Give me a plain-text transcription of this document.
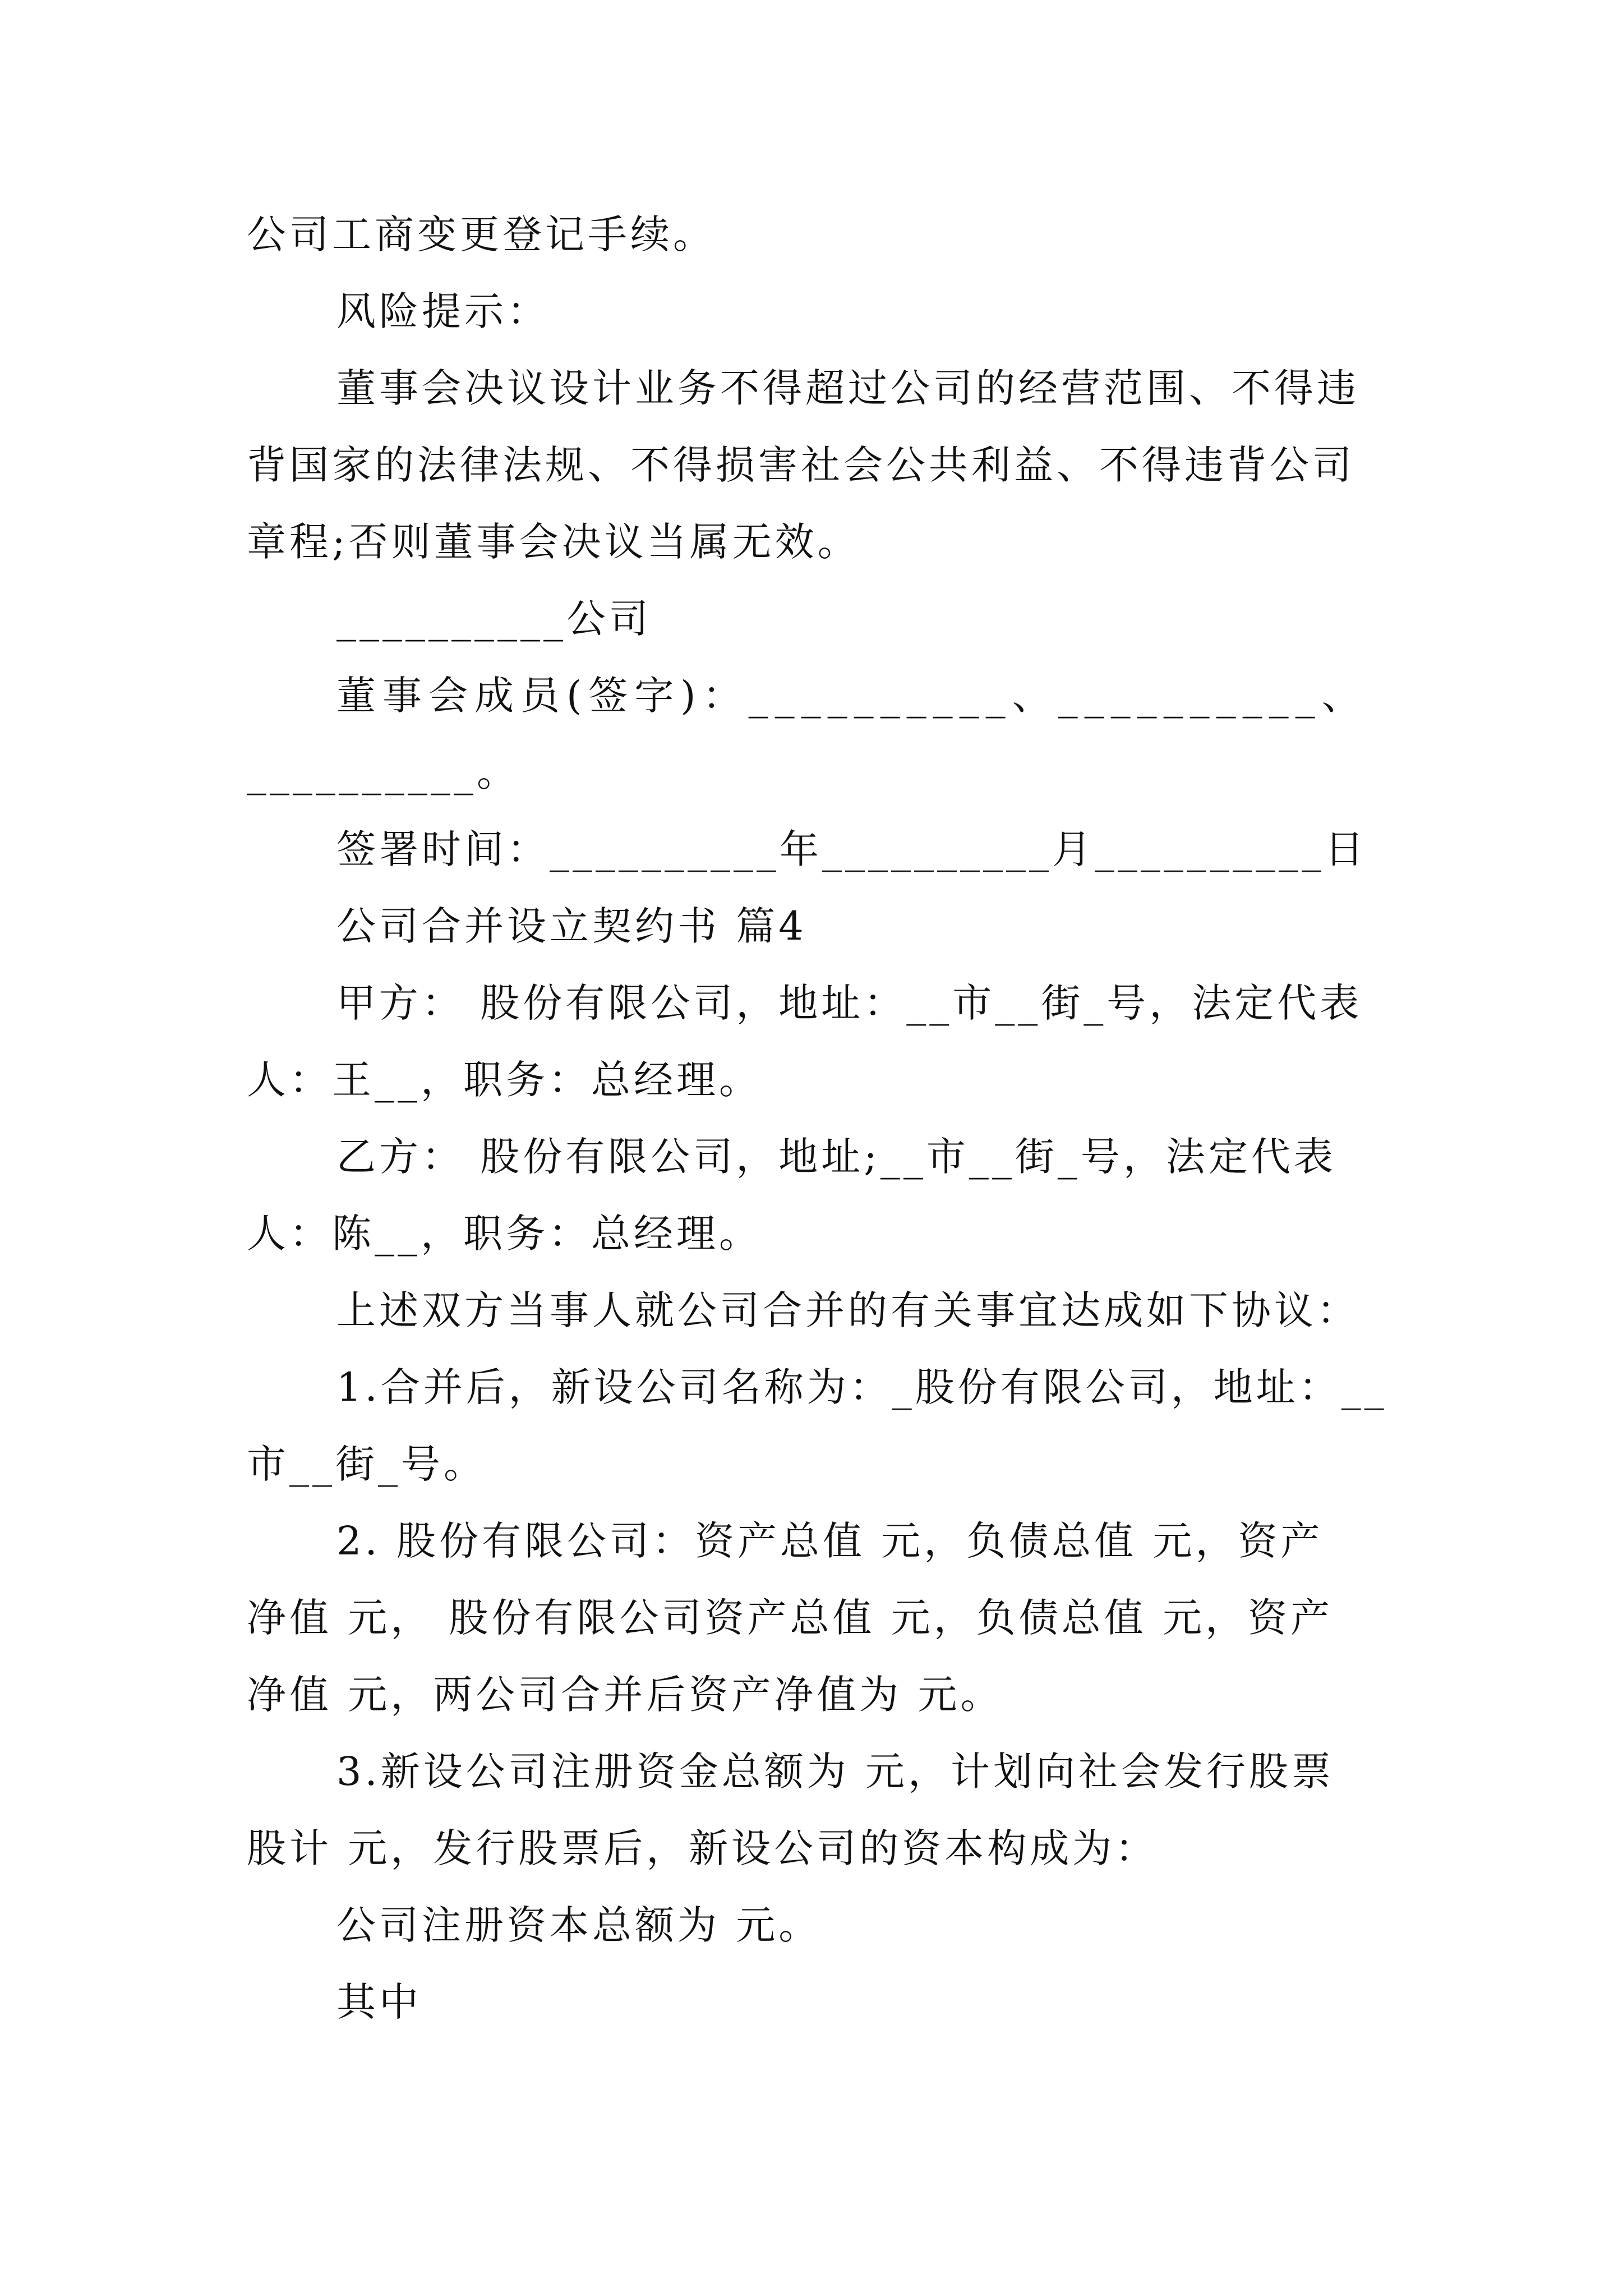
公司工商变更登记手续。
风险提示：
董事会决议设计业务不得超过公司的经营范围、不得违
背国家的法律法规、不得损害社会公共利益、不得违背公司
章程;否则董事会决议当属无效。
__________公司
董事会成员(签字)：__________、__________、
__________。
签署时间：__________年__________月__________日
公司合并设立契约书 篇4
甲方： 股份有限公司，地址：__市__街_号，法定代表
人：王__，职务：总经理。
乙方： 股份有限公司，地址;__市__街_号，法定代表
人：陈__，职务：总经理。
上述双方当事人就公司合并的有关事宜达成如下协议：
1.合并后，新设公司名称为：_股份有限公司，地址：__
市__街_号。
2. 股份有限公司：资产总值 元，负债总值 元，资产
净值 元， 股份有限公司资产总值 元，负债总值 元，资产
净值 元，两公司合并后资产净值为 元。
3.新设公司注册资金总额为 元，计划向社会发行股票
股计 元，发行股票后，新设公司的资本构成为：
公司注册资本总额为 元。
其中
